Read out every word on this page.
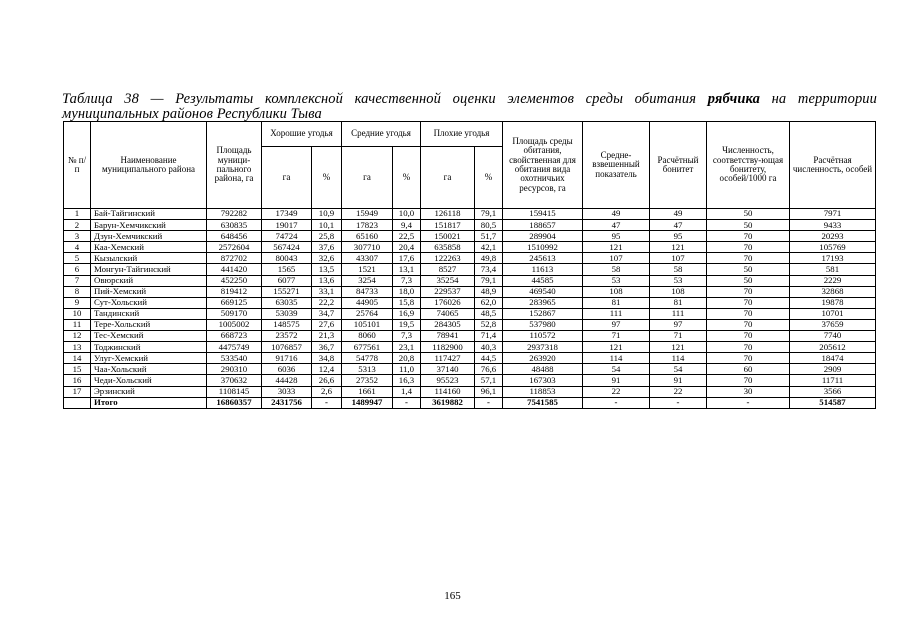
Таблица 38 — Результаты комплексной качественной оценки элементов среды обитания рябчика на территории муниципальных районов Республики Тыва
№ п/п	Наименование муниципального района	Площадь муници-пального района, га	Хорошие угодья		Средние угодья		Плохие угодья		Площадь среды обитания, свойственная для обитания вида охотничьих ресурсов, га	Средне-взвешенный показатель	Расчётный бонитет	Численность, соответству-ющая бонитету, особей/1000 га	Расчётная численность, особей
			га	%	га	%	га	%					
1	Бай-Тайгинский	792282	17349	10,9	15949	10,0	126118	79,1	159415	49	49	50	7971
2	Барун-Хемчикский	630835	19017	10,1	17823	9,4	151817	80,5	188657	47	47	50	9433
3	Дзун-Хемчикский	648456	74724	25,8	65160	22,5	150021	51,7	289904	95	95	70	20293
4	Каа-Хемский	2572604	567424	37,6	307710	20,4	635858	42,1	1510992	121	121	70	105769
5	Кызылский	872702	80043	32,6	43307	17,6	122263	49,8	245613	107	107	70	17193
6	Монгун-Тайгинский	441420	1565	13,5	1521	13,1	8527	73,4	11613	58	58	50	581
7	Овюрский	452250	6077	13,6	3254	7,3	35254	79,1	44585	53	53	50	2229
8	Пий-Хемский	819412	155271	33,1	84733	18,0	229537	48,9	469540	108	108	70	32868
9	Сут-Хольский	669125	63035	22,2	44905	15,8	176026	62,0	283965	81	81	70	19878
10	Тандинский	509170	53039	34,7	25764	16,9	74065	48,5	152867	111	111	70	10701
11	Тере-Хольский	1005002	148575	27,6	105101	19,5	284305	52,8	537980	97	97	70	37659
12	Тес-Хемский	668723	23572	21,3	8060	7,3	78941	71,4	110572	71	71	70	7740
13	Тоджинский	4475749	1076857	36,7	677561	23,1	1182900	40,3	2937318	121	121	70	205612
14	Улуг-Хемский	533540	91716	34,8	54778	20,8	117427	44,5	263920	114	114	70	18474
15	Чаа-Хольский	290310	6036	12,4	5313	11,0	37140	76,6	48488	54	54	60	2909
16	Чеди-Хольский	370632	44428	26,6	27352	16,3	95523	57,1	167303	91	91	70	11711
17	Эрзинский	1108145	3033	2,6	1661	1,4	114160	96,1	118853	22	22	30	3566
	Итого	16860357	2431756	-	1489947	-	3619882	-	7541585	-	-	-	514587
165
